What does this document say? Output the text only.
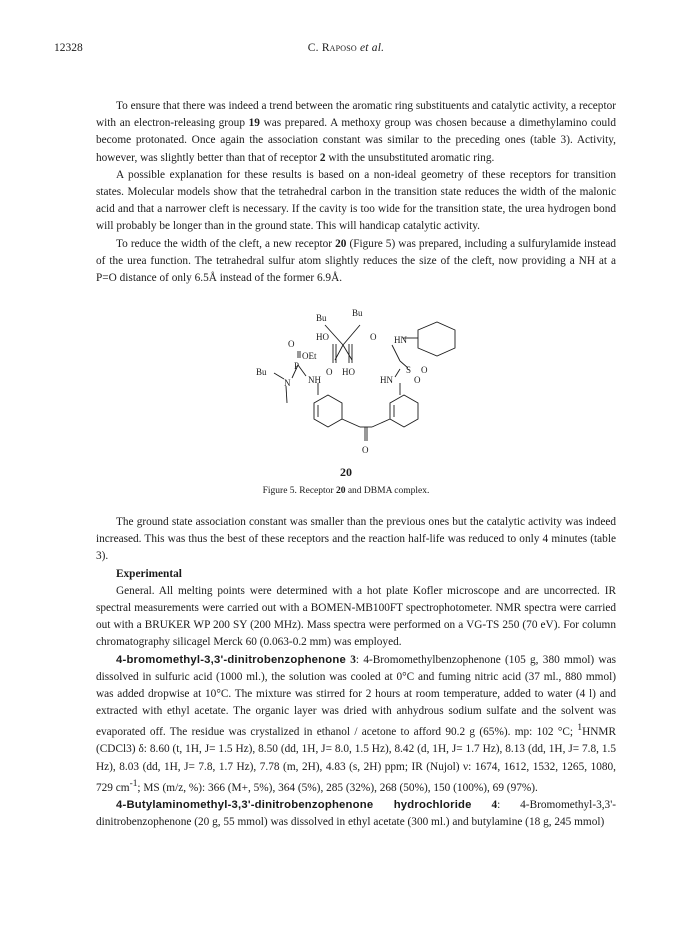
12328	C. Raposo et al.

To ensure that there was indeed a trend between the aromatic ring substituents and catalytic activity, a receptor with an electron-releasing group 19 was prepared. A methoxy group was chosen because a dimethylamino could become protonated. Once again the association constant was similar to the preceding ones (table 3). Activity, however, was slightly better than that of receptor 2 with the unsubstituted aromatic ring.

A possible explanation for these results is based on a non-ideal geometry of these receptors for transition states. Molecular models show that the tetrahedral carbon in the transition state reduces the width of the malonic acid and that a narrower cleft is necessary. If the cavity is too wide for the transition state, the urea hydrogen bond will probably be longer than in the ground state. This will handicap catalytic activity.

To reduce the width of the cleft, a new receptor 20 (Figure 5) was prepared, including a sulfurylamide instead of the urea function. The tetrahedral sulfur atom slightly reduces the size of the cleft, now providing a NH at a P=O distance of only 6.5Å instead of the former 6.9Å.

Bu	Bu
O
HO	O
OEt
P
O HO
HN
S O
O
Bu
N NH	HN
O
20
Figure 5. Receptor 20 and DBMA complex.

The ground state association constant was smaller than the previous ones but the catalytic activity was indeed increased. This was thus the best of these receptors and the reaction half-life was reduced to only 4 minutes (table 3).

Experimental

General. All melting points were determined with a hot plate Kofler microscope and are uncorrected. IR spectral measurements were carried out with a BOMEN-MB100FT spectrophotometer. NMR spectra were carried out with a BRUKER WP 200 SY (200 MHz). Mass spectra were performed on a VG-TS 250 (70 eV). For column chromatography silicagel Merck 60 (0.063-0.2 mm) was employed.

4-bromomethyl-3,3'-dinitrobenzophenone 3: 4-Bromomethylbenzophenone (105 g, 380 mmol) was dissolved in sulfuric acid (1000 ml.), the solution was cooled at 0°C and fuming nitric acid (37 ml., 880 mmol) was added dropwise at 10°C. The mixture was stirred for 2 hours at room temperature, added to water (4 l) and extracted with ethyl acetate. The organic layer was dried with anhydrous sodium sulfate and the solvent was evaporated off. The residue was crystalized in ethanol / acetone to afford 90.2 g (65%). mp: 102 °C; $^1$HNMR (CDCl3) δ: 8.60 (t, 1H, J= 1.5 Hz), 8.50 (dd, 1H, J= 8.0, 1.5 Hz), 8.42 (d, 1H, J= 1.7 Hz), 8.13 (dd, 1H, J= 7.8, 1.5 Hz), 8.03 (dd, 1H, J= 7.8, 1.7 Hz), 7.78 (m, 2H), 4.83 (s, 2H) ppm; IR (Nujol) ν: 1674, 1612, 1532, 1265, 1080, 729 $cm^{-1}$; MS (m/z, %): 366 (M+, 5%), 364 (5%), 285 (32%), 268 (50%), 150 (100%), 69 (97%).

4-Butylaminomethyl-3,3'-dinitrobenzophenone hydrochloride 4: 4-Bromomethyl-3,3'-dinitrobenzophenone (20 g, 55 mmol) was dissolved in ethyl acetate (300 ml.) and butylamine (18 g, 245 mmol)
